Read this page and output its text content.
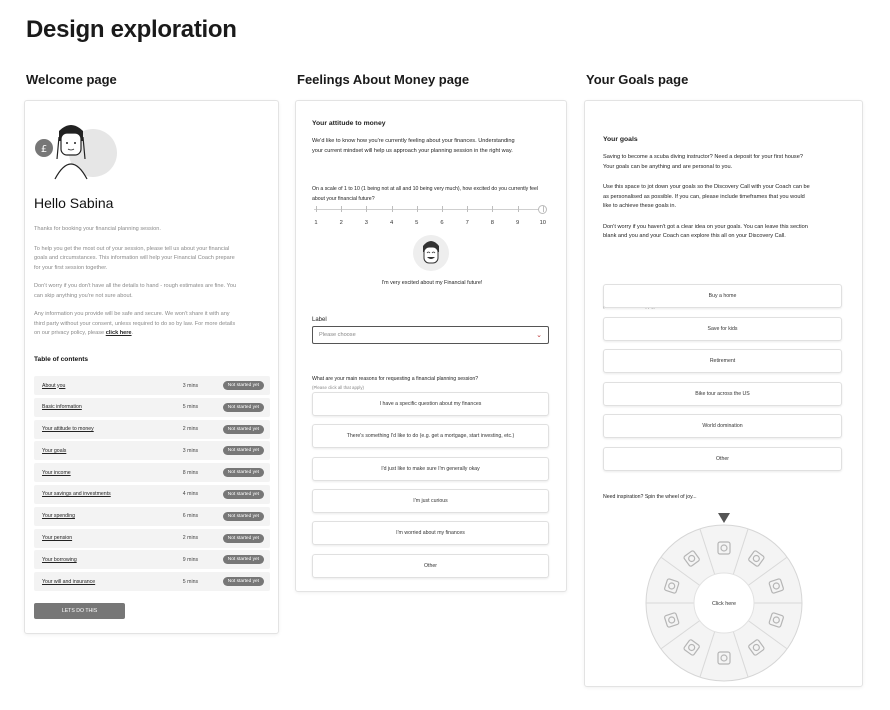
Design exploration
Welcome page	Feelings About Money page	Your Goals page
£
Hello Sabina
Thanks for booking your financial planning session.
To help you get the most out of your session, please tell us about your financial
goals and circumstances. This information will help your Financial Coach prepare
for your first session together.
Don't worry if you don't have all the details to hand - rough estimates are fine. You
can skip anything you're not sure about.
Any information you provide will be safe and secure. We won't share it with any
third party without your consent, unless required to do so by law. For more details
on our privacy policy, please click here.
Table of contents
About you	3 mins	Not started yet
Basic information	5 mins	Not started yet
Your attitude to money	2 mins	Not started yet
Your goals	3 mins	Not started yet
Your income	8 mins	Not started yet
Your savings and investments	4 mins	Not started yet
Your spending	6 mins	Not started yet
Your pension	2 mins	Not started yet
Your borrowing	9 mins	Not started yet
Your will and insurance	5 mins	Not started yet
LETS DO THIS
Your attitude to money
We'd like to know how you're currently feeling about your finances. Understanding
your current mindset will help us approach your planning session in the right way.
On a scale of 1 to 10 (1 being not at all and 10 being very much), how excited do you currently feel
about your financial future?
I'm very excited about my Financial future!
Label
Please choose	⌄
What are your main reasons for requesting a financial planning session?
(Please click all that apply)
1	2	3	4	5	6	7	8	9	10
I have a specific question about my finances
There's something I'd like to do (e.g. get a mortgage, start investing, etc.)
I'd just like to make sure I'm generally okay
I'm just curious
I'm worried about my finances
Other
Your goals
Saving to become a scuba diving instructor? Need a deposit for your first house?
Your goals can be anything and are personal to you.
Use this space to jot down your goals so the Discovery Call with your Coach can be
as personalised as possible. If you can, please include timeframes that you would
like to achieve these goals in.
Don't worry if you haven't got a clear idea on your goals. You can leave this section
blank and you and your Coach can explore this all on your Discovery Call.
Need inspiration? Spin the wheel of joy...
Click here
Buy a home
Save for kids
Retirement
Bike tour across the US
World domination
Other
